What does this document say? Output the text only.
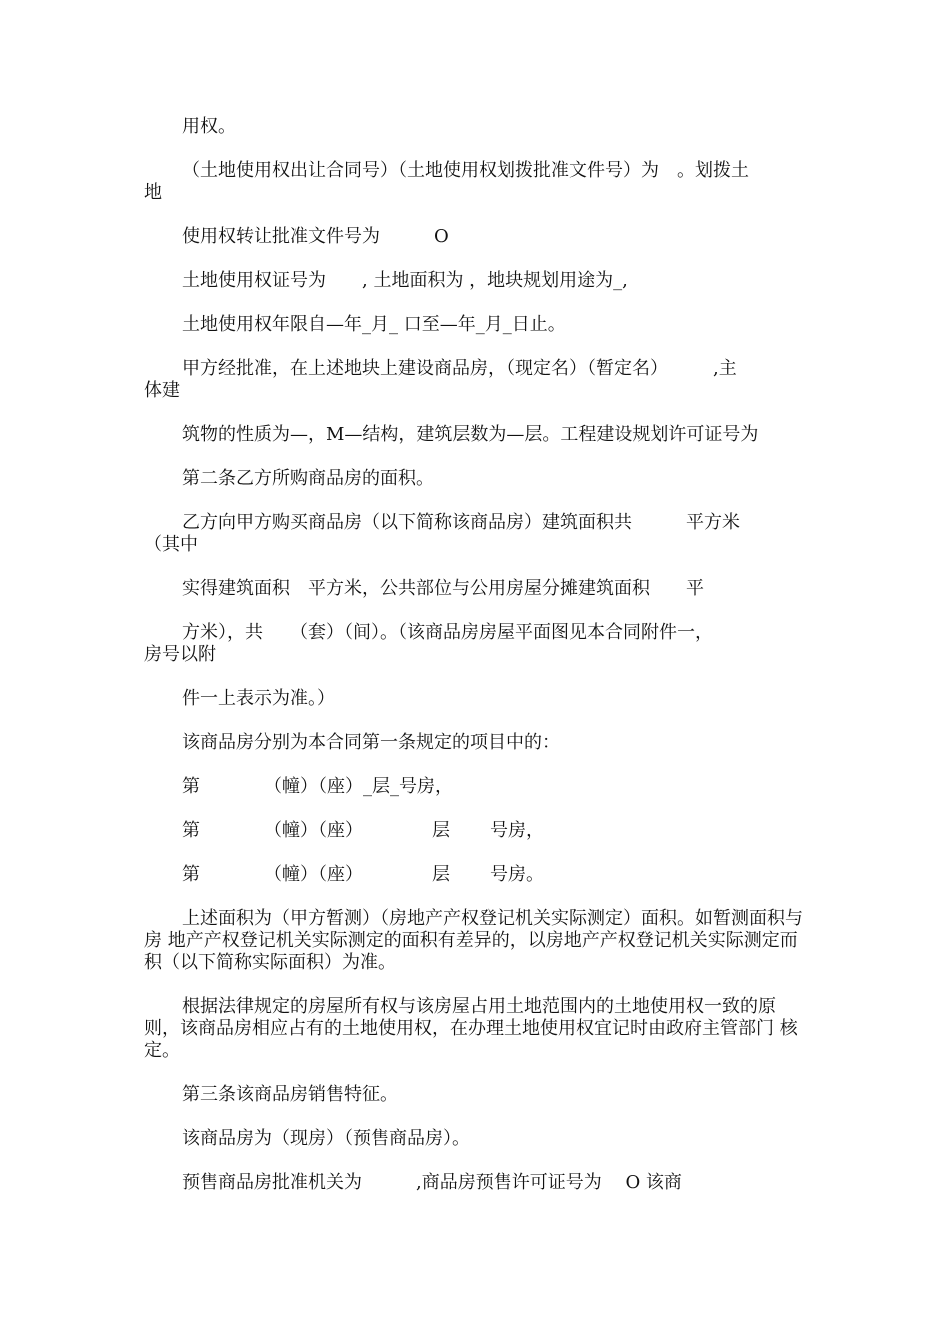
用权。

（土地使用权出让合同号）（土地使用权划拨批准文件号）为　。划拨土

地

使用权转让批准文件号为　　　O

土地使用权证号为　　, 土地面积为 ，地块规划用途为_,

土地使用权年限自—年_月_ 口至—年_月_日止。

甲方经批准，在上述地块上建设商品房，（现定名）（暂定名）　　　,主

体建

筑物的性质为—，M—结构，建筑层数为—层。工程建设规划许可证号为

第二条乙方所购商品房的面积。

乙方向甲方购买商品房（以下简称该商品房）建筑面积共　　　平方米

（其中

实得建筑面积　平方米，公共部位与公用房屋分摊建筑面积　　平

方米），共　　（套）（间）。（该商品房房屋平面图见本合同附件一，

房号以附

件一上表示为准。）

该商品房分别为本合同第一条规定的项目中的：

第	（幢）（座）_层_号房，
第	（幢）（座）	层 号房，
第	（幢）（座）	层 号房。

上述面积为（甲方暂测）（房地产产权登记机关实际测定）面积。如暂测面积与房 地产产权登记机关实际测定的面积有差异的，以房地产产权登记机关实际测定而 积（以下简称实际面积）为准。

根据法律规定的房屋所有权与该房屋占用土地范围内的土地使用权一致的原 则，该商品房相应占有的土地使用权，在办理土地使用权宜记时由政府主管部门 核定。

第三条该商品房销售特征。

该商品房为（现房）（预售商品房）。

预售商品房批准机关为　　　,商品房预售许可证号为　 O 该商
